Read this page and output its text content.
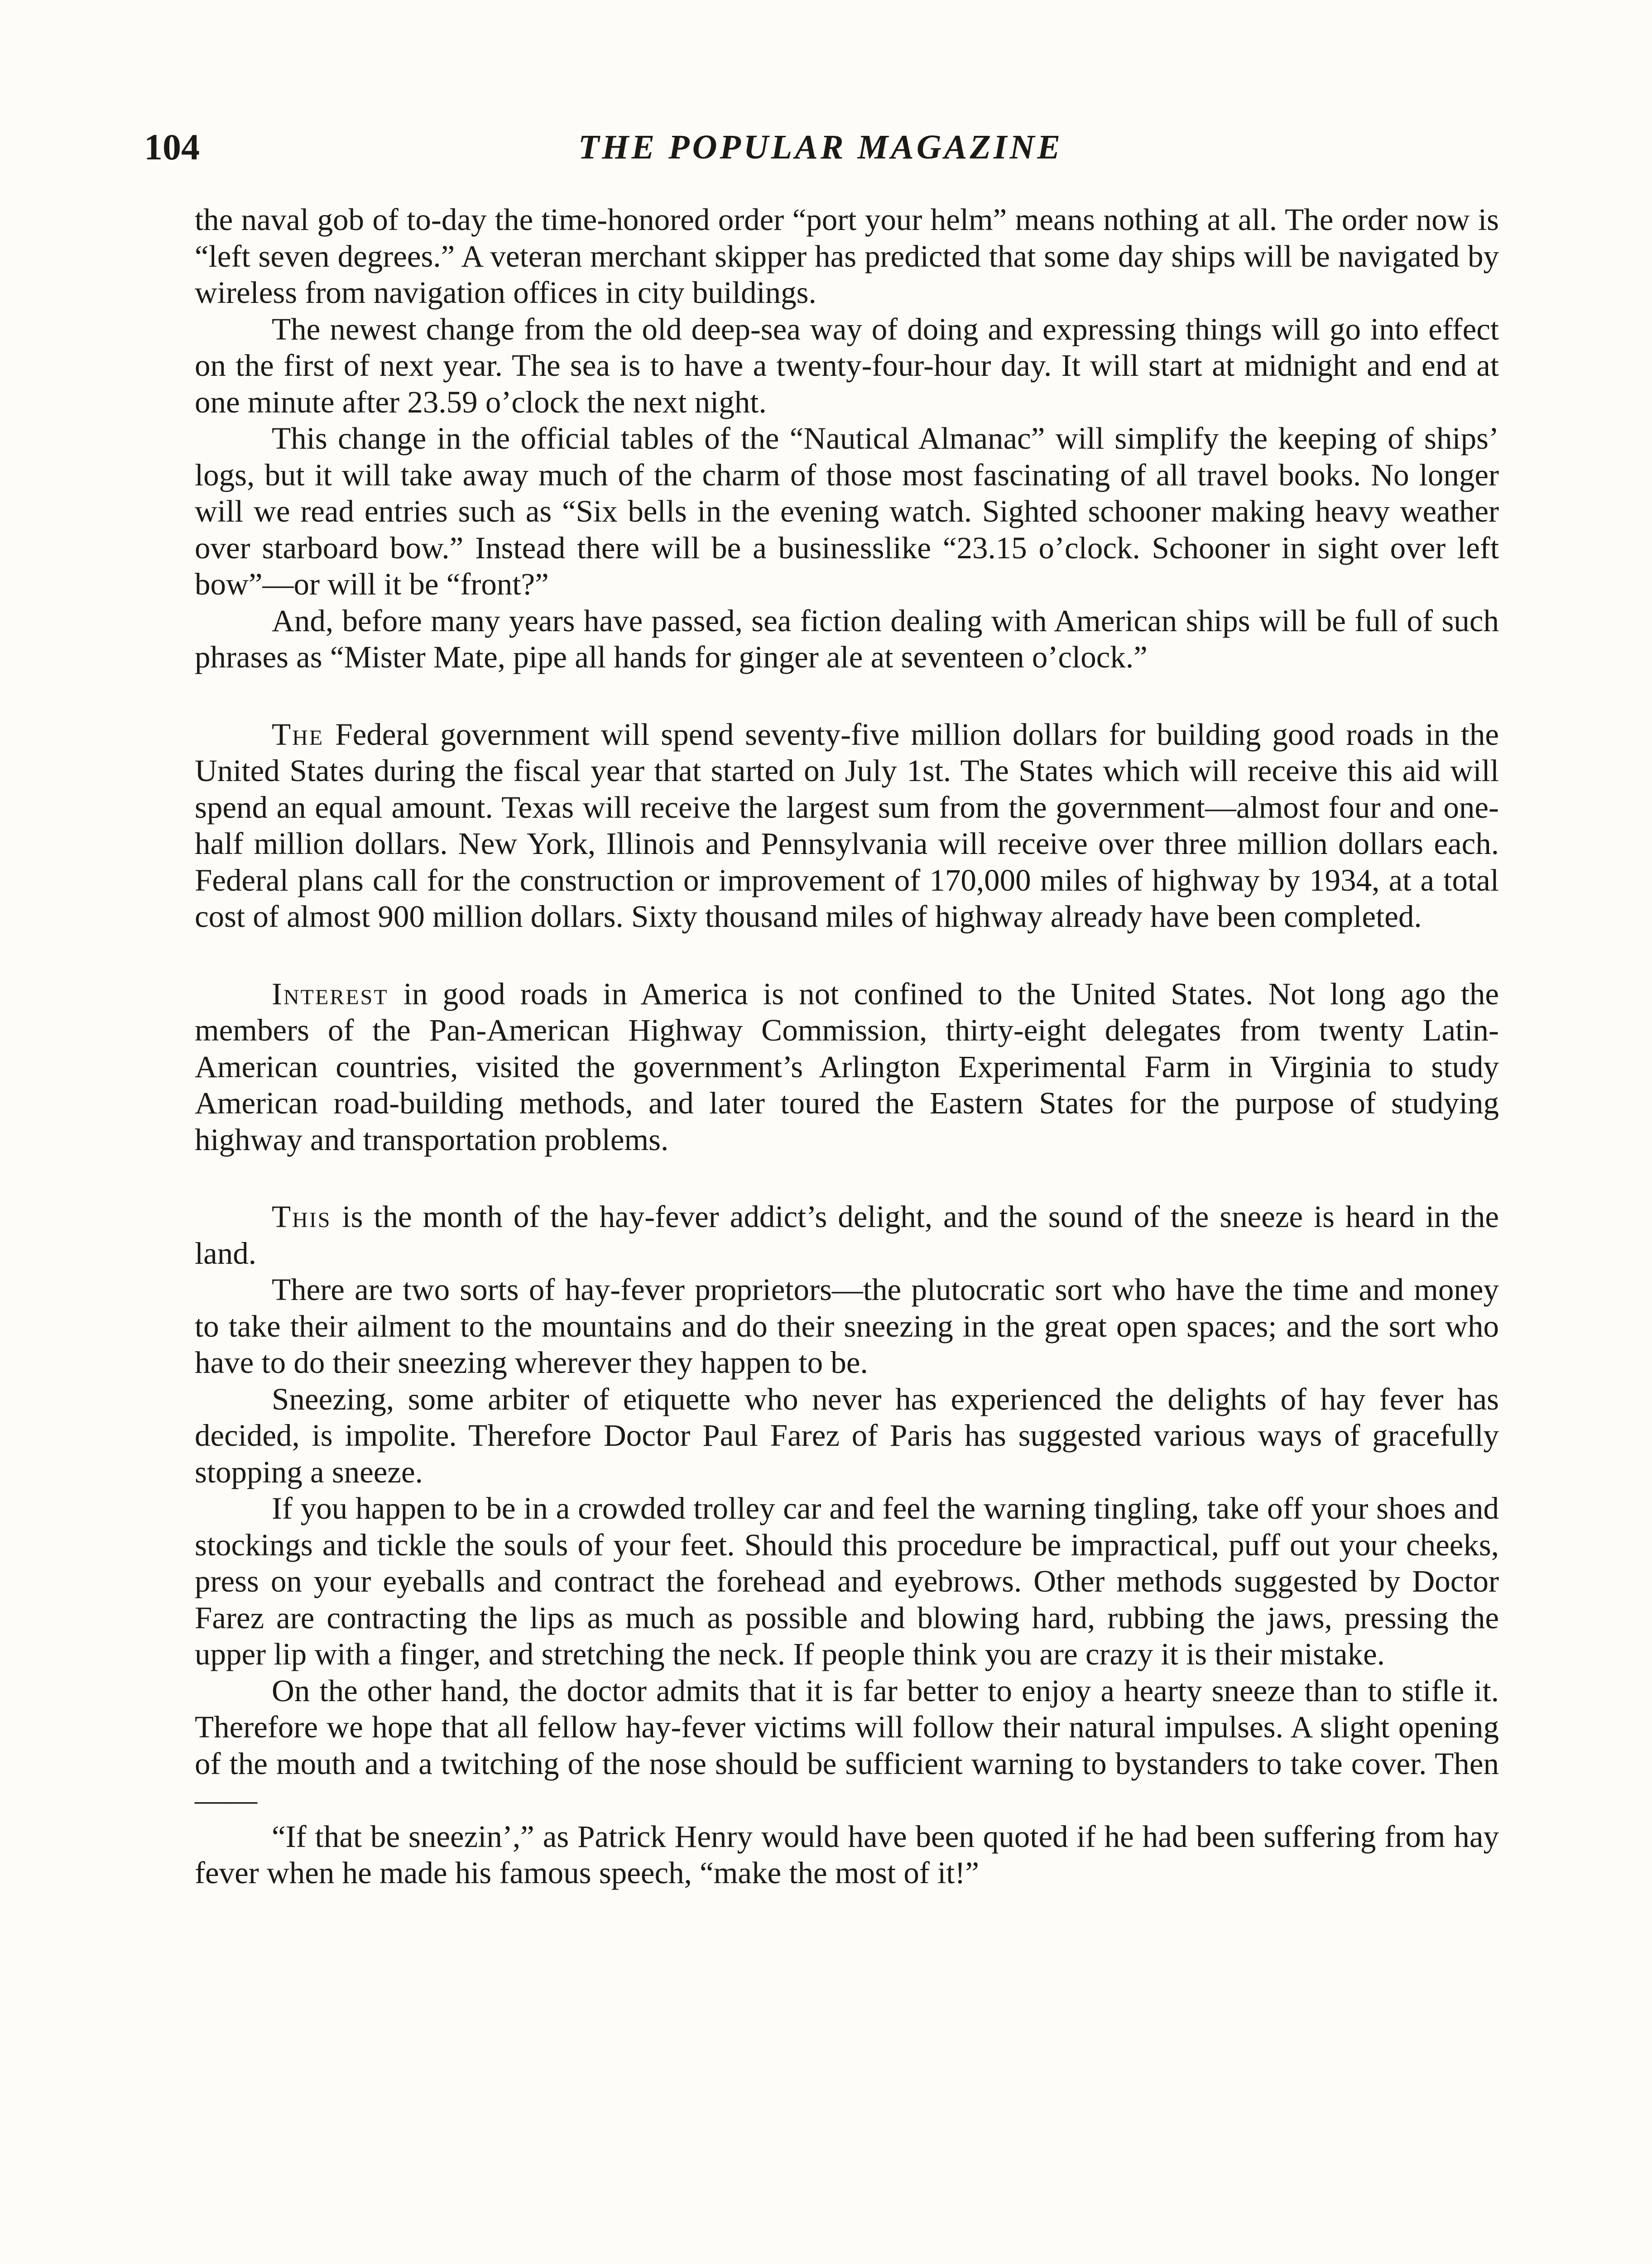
104	THE POPULAR MAGAZINE

the naval gob of to-day the time-honored order “port your helm” means nothing at all. The order now is “left seven degrees.” A veteran merchant skipper has predicted that some day ships will be navigated by wireless from navigation offices in city buildings.

The newest change from the old deep-sea way of doing and expressing things will go into effect on the first of next year. The sea is to have a twenty-four-hour day. It will start at midnight and end at one minute after 23.59 o’clock the next night.

This change in the official tables of the “Nautical Almanac” will simplify the keeping of ships’ logs, but it will take away much of the charm of those most fascinating of all travel books. No longer will we read entries such as “Six bells in the evening watch. Sighted schooner making heavy weather over starboard bow.” Instead there will be a businesslike “23.15 o’clock. Schooner in sight over left bow”—or will it be “front?”

And, before many years have passed, sea fiction dealing with American ships will be full of such phrases as “Mister Mate, pipe all hands for ginger ale at seventeen o’clock.”

The Federal government will spend seventy-five million dollars for building good roads in the United States during the fiscal year that started on July 1st. The States which will receive this aid will spend an equal amount. Texas will receive the largest sum from the government—almost four and one-half million dollars. New York, Illinois and Pennsylvania will receive over three million dollars each. Federal plans call for the construction or improvement of 170,000 miles of highway by 1934, at a total cost of almost 900 million dollars. Sixty thousand miles of highway already have been completed.

Interest in good roads in America is not confined to the United States. Not long ago the members of the Pan-American Highway Commission, thirty-eight delegates from twenty Latin-American countries, visited the government’s Arlington Experimental Farm in Virginia to study American road-building methods, and later toured the Eastern States for the purpose of studying highway and transportation problems.

This is the month of the hay-fever addict’s delight, and the sound of the sneeze is heard in the land.

There are two sorts of hay-fever proprietors—the plutocratic sort who have the time and money to take their ailment to the mountains and do their sneezing in the great open spaces; and the sort who have to do their sneezing wherever they happen to be.

Sneezing, some arbiter of etiquette who never has experienced the delights of hay fever has decided, is impolite. Therefore Doctor Paul Farez of Paris has suggested various ways of gracefully stopping a sneeze.

If you happen to be in a crowded trolley car and feel the warning tingling, take off your shoes and stockings and tickle the souls of your feet. Should this procedure be impractical, puff out your cheeks, press on your eyeballs and contract the forehead and eyebrows. Other methods suggested by Doctor Farez are contracting the lips as much as possible and blowing hard, rubbing the jaws, pressing the upper lip with a finger, and stretching the neck. If people think you are crazy it is their mistake.

On the other hand, the doctor admits that it is far better to enjoy a hearty sneeze than to stifle it. Therefore we hope that all fellow hay-fever victims will follow their natural impulses. A slight opening of the mouth and a twitching of the nose should be sufficient warning to bystanders to take cover. Then——

“If that be sneezin’,” as Patrick Henry would have been quoted if he had been suffering from hay fever when he made his famous speech, “make the most of it!”
